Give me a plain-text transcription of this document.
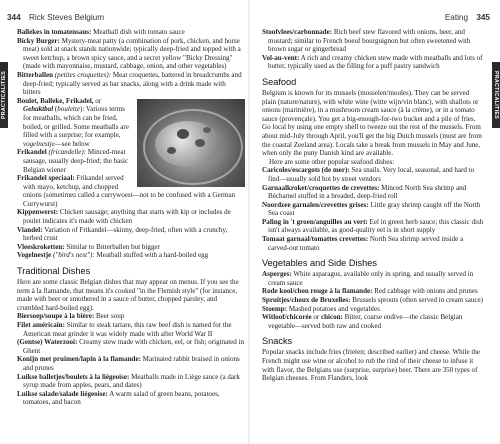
344 Rick Steves Belgium
PRACTICALITIES

Ballekes in tomatensaus: Meatball dish with tomato sauce

Bicky Burger: Mystery-meat patty (a combination of pork, chicken, and horse meat) sold at snack stands nationwide; typically deep-fried and topped with a sweet ketchup, a brown spicy sauce, and a secret yellow "Bicky Dressing" (made with mayonnaise, mustard, cabbage, onion, and other vegetables)

Bitterballen (petites croquettes): Meat croquettes, battered in breadcrumbs and deep-fried; typically served as bar snacks, along with a drink made with bitters

Boulet, Balleke, Frikadel, or Gehaktbal (boulette): Various terms for meatballs, which can be fried, boiled, or grilled. Some meatballs are filled with a surprise; for example, vogelnestje—see below

Frikandel (fricandelle): Minced-meat sausage, usually deep-fried; the basic Belgian wiener

Frikandel speciaal: Frikandel served with mayo, ketchup, and chopped onions (sometimes called a currywoest—not to be confused with a German Currywurst)

Kippenwerst: Chicken sausage; anything that starts with kip or includes de poulet indicates it's made with chicken

Viandel: Variation of Frikandel—skinny, deep-fried, often with a crunchy, herbed crust

Vleeskroketten: Similar to Bitterballen but bigger

Vogelnestje ("bird's nest"): Meatball stuffed with a hard-boiled egg

Traditional Dishes

Here are some classic Belgian dishes that may appear on menus. If you see the term à la flamande, that means it's cooked "in the Flemish style" (for instance, made with beer or smothered in a sauce of butter, chopped parsley, and crumbled hard-boiled egg).

Biersoep/soupe à la bière: Beer soup

Filet américain: Similar to steak tartare, this raw beef dish is named for the American meat grinder it was widely made with after World War II

(Gentse) Waterzooi: Creamy stew made with chicken, eel, or fish; originated in Ghent

Konijn met pruimen/lapin à la flamande: Marinated rabbit braised in onions and prunes

Luikse balletjes/boulets à la liégeoise: Meatballs made in Liège sauce (a dark syrup made from apples, pears, and dates)

Luikse salade/salade liégeoise: A warm salad of green beans, potatoes, tomatoes, and bacon

Eating 345
PRACTICALITIES

Stoofvlees/carbonnade: Rich beef stew flavored with onions, beer, and mustard; similar to French boeuf bourguignon but often sweetened with brown sugar or gingerbread

Vol-au-vent: A rich and creamy chicken stew made with meatballs and lots of butter, typically used as the filling for a puff pastry sandwich

Seafood

Belgium is known for its mussels (mosselen/moules). They can be served plain (nature/nature), with white wine (witte wijn/vin blanc), with shallots or onions (marinière), in a mushroom cream sauce (à la crème), or in a tomato sauce (provençale). You get a big-enough-for-two bucket and a pile of fries. Go local by using one empty shell to tweeze out the rest of the mussels. From about mid-July through April, you'll get the big Dutch mussels (most are from the coastal Zeeland area). Locals take a break from mussels in May and June, when only the puny Danish kind are available.

Here are some other popular seafood dishes:

Caricoles/escargots (de mer): Sea snails. Very local, seasonal, and hard to find—usually sold hot by street vendors

Garnaalkroket/croquettes de crevettes: Minced North Sea shrimp and Béchamel stuffed in a breaded, deep-fried roll

Noordzee garnalen/crevettes grises: Little gray shrimp caught off the North Sea coast

Paling in 't groen/anguilles au vert: Eel in green herb sauce; this classic dish isn't always available, as good-quality eel is in short supply

Tomaat garnaal/tomattes crevettes: North Sea shrimp served inside a carved-out tomato

Vegetables and Side Dishes

Asperges: White asparagus, available only in spring, and usually served in cream sauce

Rode kool/chou rouge à la flamande: Red cabbage with onions and prunes

Spruitjes/choux de Bruxelles: Brussels sprouts (often served in cream sauce)

Stoemp: Mashed potatoes and vegetables

Witloof/chicorée or chicon: Bitter, coarse endive—the classic Belgian vegetable—served both raw and cooked

Snacks

Popular snacks include fries (frieten; described earlier) and cheese. While the French might use wine or alcohol to rub the rind of their cheese to infuse it with flavor, the Belgians use (surprise, surprise) beer. There are 350 types of Belgian cheeses. From Flanders, look
